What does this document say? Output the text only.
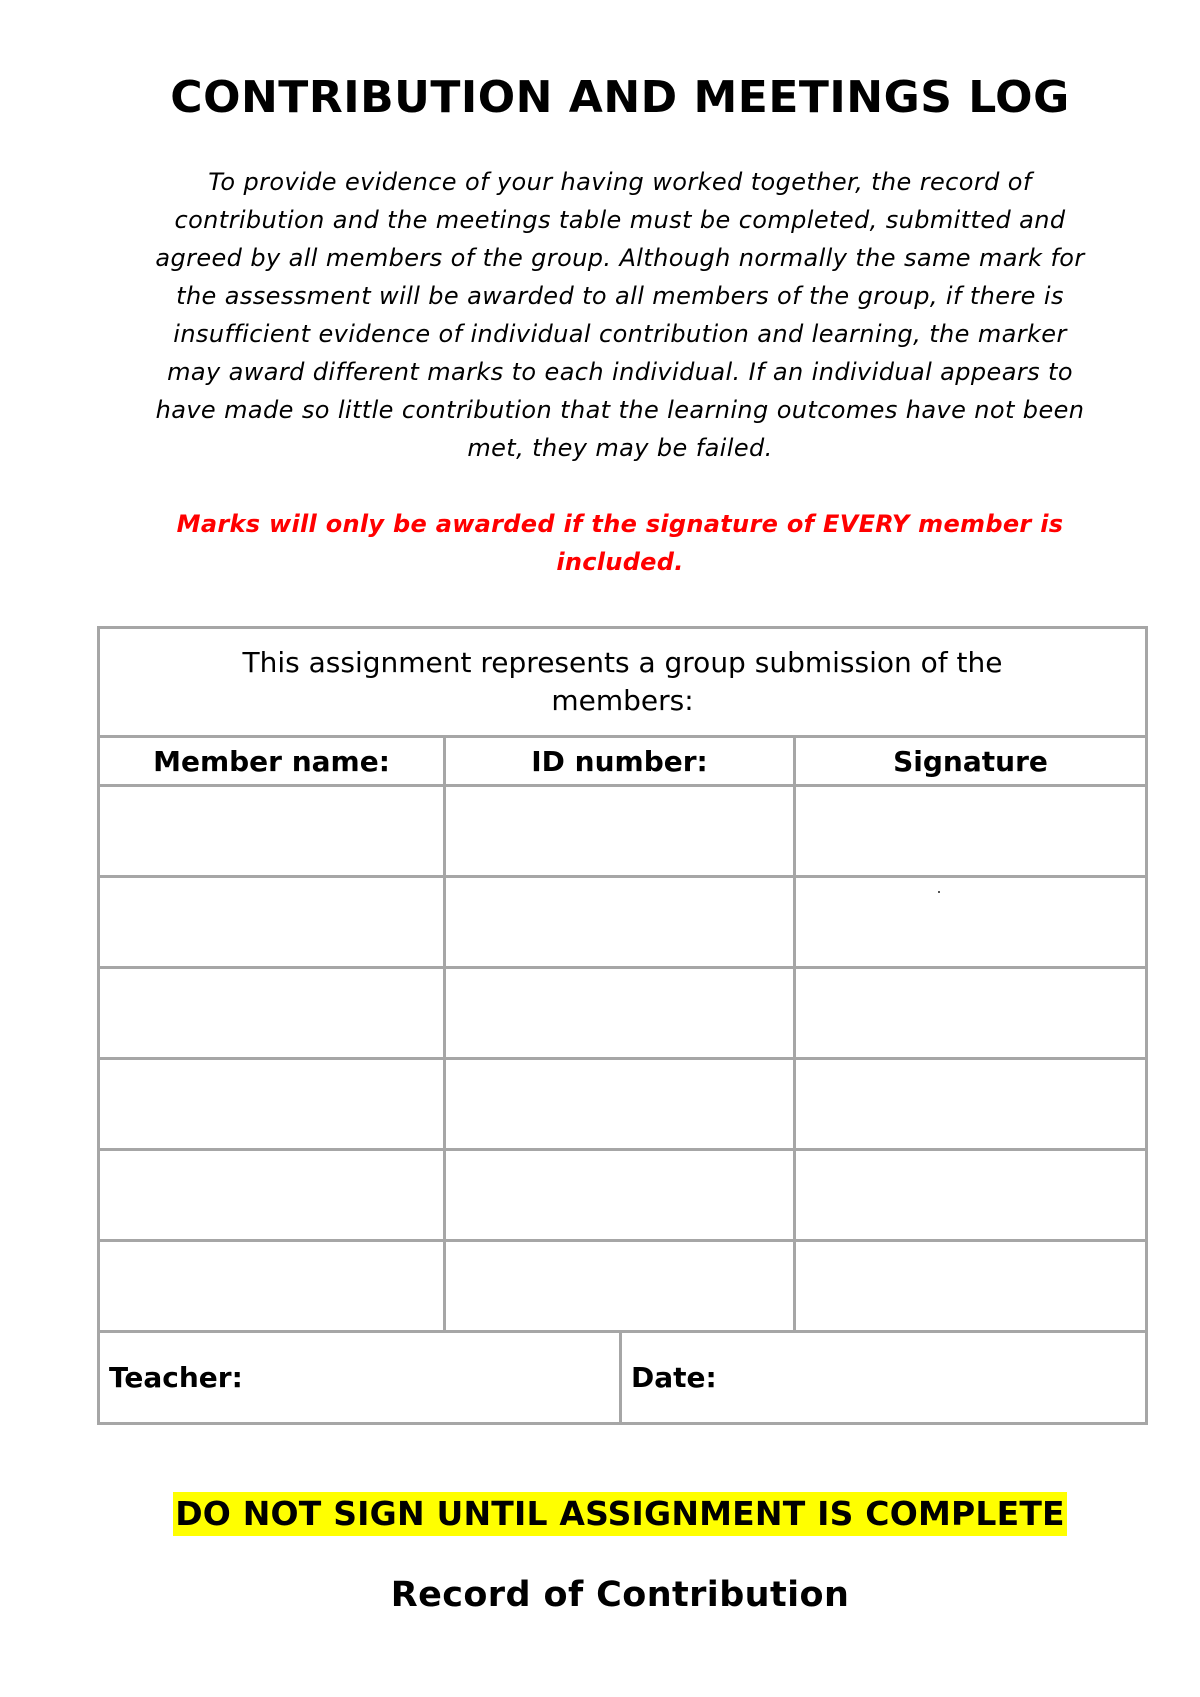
CONTRIBUTION AND MEETINGS LOG
To provide evidence of your having worked together, the record of
contribution and the meetings table must be completed, submitted and
agreed by all members of the group. Although normally the same mark for
the assessment will be awarded to all members of the group, if there is
insufficient evidence of individual contribution and learning, the marker
may award different marks to each individual. If an individual appears to
have made so little contribution that the learning outcomes have not been
met, they may be failed.
Marks will only be awarded if the signature of EVERY member is
included.
This assignment represents a group submission of the
members:			

Member name:	ID number:		Signature

Teacher:		Date:	
DO NOT SIGN UNTIL ASSIGNMENT IS COMPLETE
Record of Contribution
